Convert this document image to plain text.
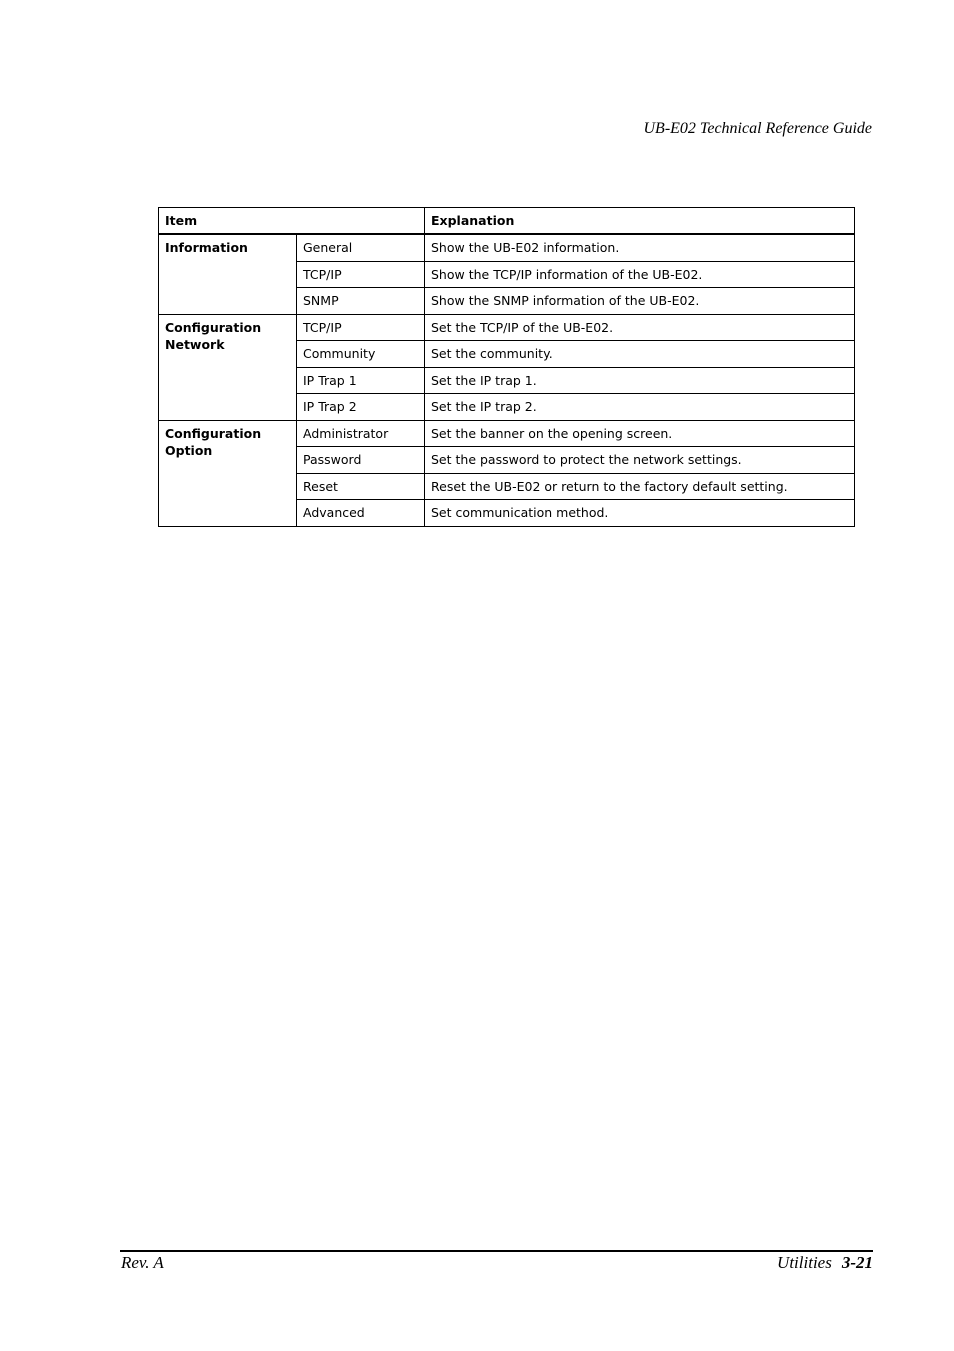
UB-E02 Technical Reference Guide
Item		Explanation
Information	General	Show the UB-E02 information.
	TCP/IP	Show the TCP/IP information of the UB-E02.
	SNMP	Show the SNMP information of the UB-E02.

Configuration
Network	TCP/IP	Set the TCP/IP of the UB-E02.
	Community	Set the community.
	IP Trap 1	Set the IP trap 1.
	IP Trap 2	Set the IP trap 2.

Configuration
Option	Administrator	Set the banner on the opening screen.
	Password	Set the password to protect the network settings.
	Reset	Reset the UB-E02 or return to the factory default setting.
	Advanced	Set communication method.
Rev. A	Utilities 3-21
